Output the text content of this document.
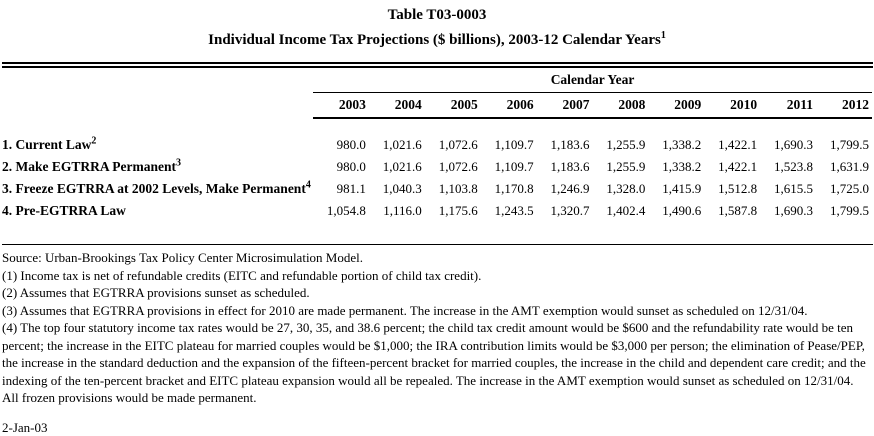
Table T03-0003
Individual Income Tax Projections ($ billions), 2003-12 Calendar Years$^1$
	Calendar Year									
	2003	2004	2005	2006	2007	2008	2009	2010	2011	2012

1. Current Law$^2$	980.0	1,021.6	1,072.6	1,109.7	1,183.6	1,255.9	1,338.2	1,422.1	1,690.3	1,799.5
2. Make EGTRRA Permanent$^3$	980.0	1,021.6	1,072.6	1,109.7	1,183.6	1,255.9	1,338.2	1,422.1	1,523.8	1,631.9
3. Freeze EGTRRA at 2002 Levels, Make Permanent$^4$	981.1	1,040.3	1,103.8	1,170.8	1,246.9	1,328.0	1,415.9	1,512.8	1,615.5	1,725.0
4. Pre-EGTRRA Law	1,054.8	1,116.0	1,175.6	1,243.5	1,320.7	1,402.4	1,490.6	1,587.8	1,690.3	1,799.5

Source: Urban-Brookings Tax Policy Center Microsimulation Model.

(1) Income tax is net of refundable credits (EITC and refundable portion of child tax credit).

(2) Assumes that EGTRRA provisions sunset as scheduled.

(3) Assumes that EGTRRA provisions in effect for 2010 are made permanent. The increase in the AMT exemption would sunset as scheduled on 12/31/04.

(4) The top four statutory income tax rates would be 27, 30, 35, and 38.6 percent; the child tax credit amount would be $600 and the refundability rate would be ten percent; the increase in the EITC plateau for married couples would be $1,000; the IRA contribution limits would be $3,000 per person; the elimination of Pease/PEP, the increase in the standard deduction and the expansion of the fifteen-percent bracket for married couples, the increase in the child and dependent care credit; and the indexing of the ten-percent bracket and EITC plateau expansion would all be repealed. The increase in the AMT exemption would sunset as scheduled on 12/31/04. All frozen provisions would be made permanent.

2-Jan-03
